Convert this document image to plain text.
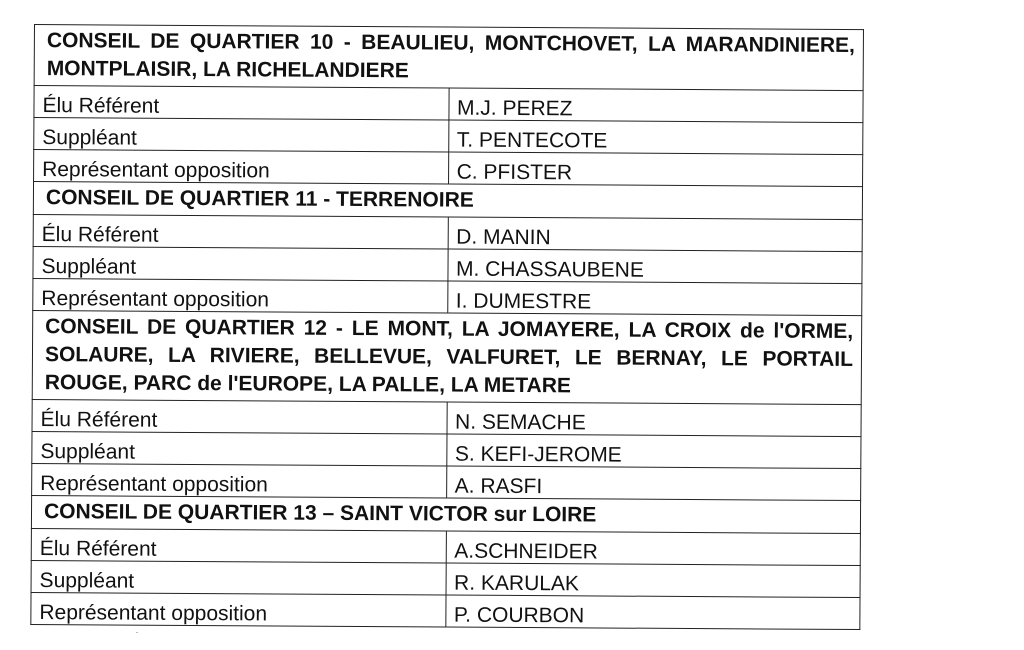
CONSEIL DE QUARTIER 10 - BEAULIEU, MONTCHOVET, LA MARANDINIERE, MONTPLAISIR, LA RICHELANDIERE	
Élu Référent	M.J. PEREZ
Suppléant	T. PENTECOTE
Représentant opposition	C. PFISTER
CONSEIL DE QUARTIER 11 - TERRENOIRE	
Élu Référent	D. MANIN
Suppléant	M. CHASSAUBENE
Représentant opposition	I. DUMESTRE
CONSEIL DE QUARTIER 12 - LE MONT, LA JOMAYERE, LA CROIX de l'ORME, SOLAURE, LA RIVIERE, BELLEVUE, VALFURET, LE BERNAY, LE PORTAIL ROUGE, PARC de l'EUROPE, LA PALLE, LA METARE	
Élu Référent	N. SEMACHE
Suppléant	S. KEFI-JEROME
Représentant opposition	A. RASFI
CONSEIL DE QUARTIER 13 – SAINT VICTOR sur LOIRE	
Élu Référent	A.SCHNEIDER
Suppléant	R. KARULAK
Représentant opposition	P. COURBON
